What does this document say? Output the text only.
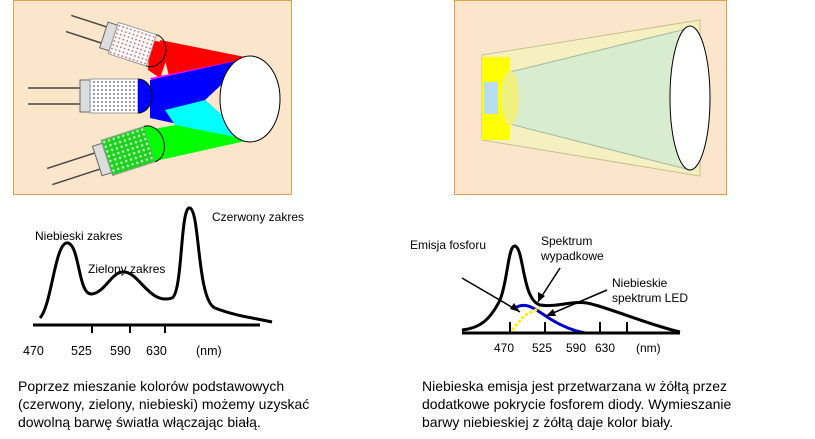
Niebieski zakres
Zielony zakres
Czerwony zakres
470 525 590 630 (nm)
Poprzez mieszanie kolorów podstawowych
(czerwony, zielony, niebieski) możemy uzyskać
dowolną barwę światła włączając białą.
Emisja fosforu	Spektrum
wypadkowe
Niebieskie
spektrum LED
470 525 590 630 (nm)
Niebieska emisja jest przetwarzana w żółtą przez
dodatkowe pokrycie fosforem diody. Wymieszanie
barwy niebieskiej z żółtą daje kolor biały.
